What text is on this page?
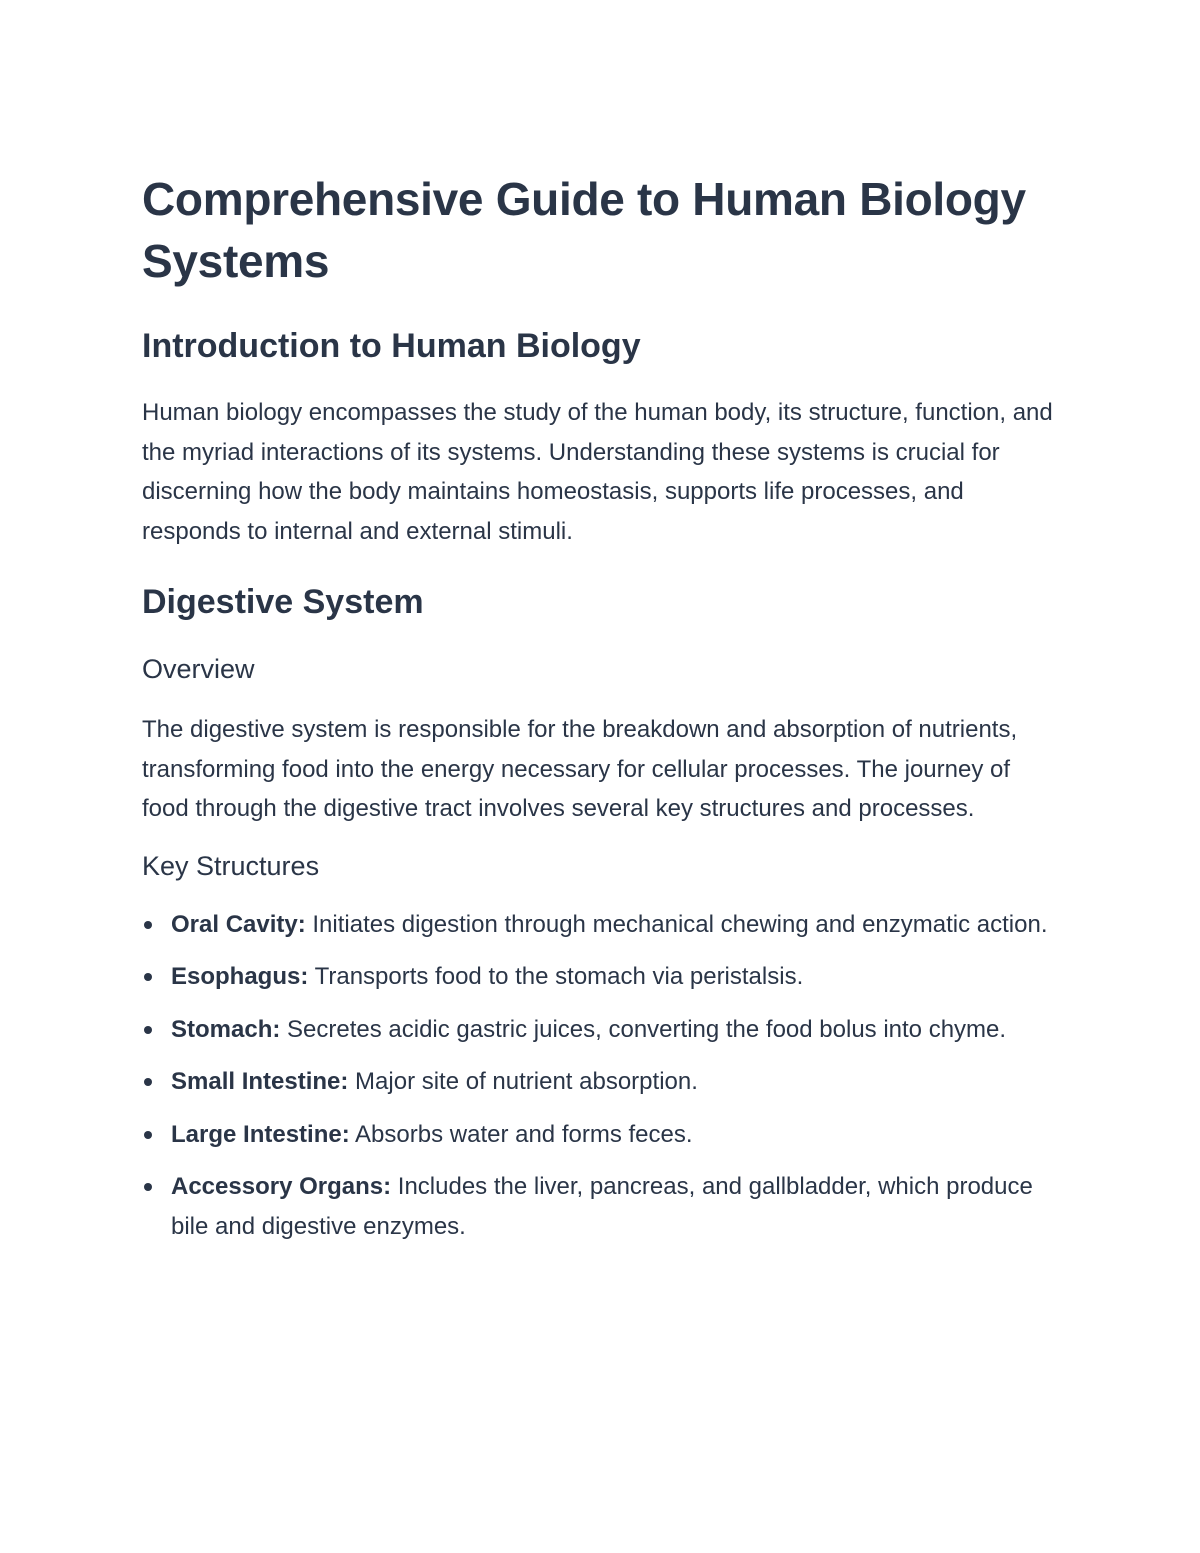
Comprehensive Guide to Human Biology Systems
Introduction to Human Biology

Human biology encompasses the study of the human body, its structure, function, and the myriad interactions of its systems. Understanding these systems is crucial for discerning how the body maintains homeostasis, supports life processes, and responds to internal and external stimuli.

Digestive System
Overview

The digestive system is responsible for the breakdown and absorption of nutrients, transforming food into the energy necessary for cellular processes. The journey of food through the digestive tract involves several key structures and processes.

Key Structures
Oral Cavity: Initiates digestion through mechanical chewing and enzymatic action.
Esophagus: Transports food to the stomach via peristalsis.
Stomach: Secretes acidic gastric juices, converting the food bolus into chyme.
Small Intestine: Major site of nutrient absorption.
Large Intestine: Absorbs water and forms feces.
Accessory Organs: Includes the liver, pancreas, and gallbladder, which produce bile and digestive enzymes.
